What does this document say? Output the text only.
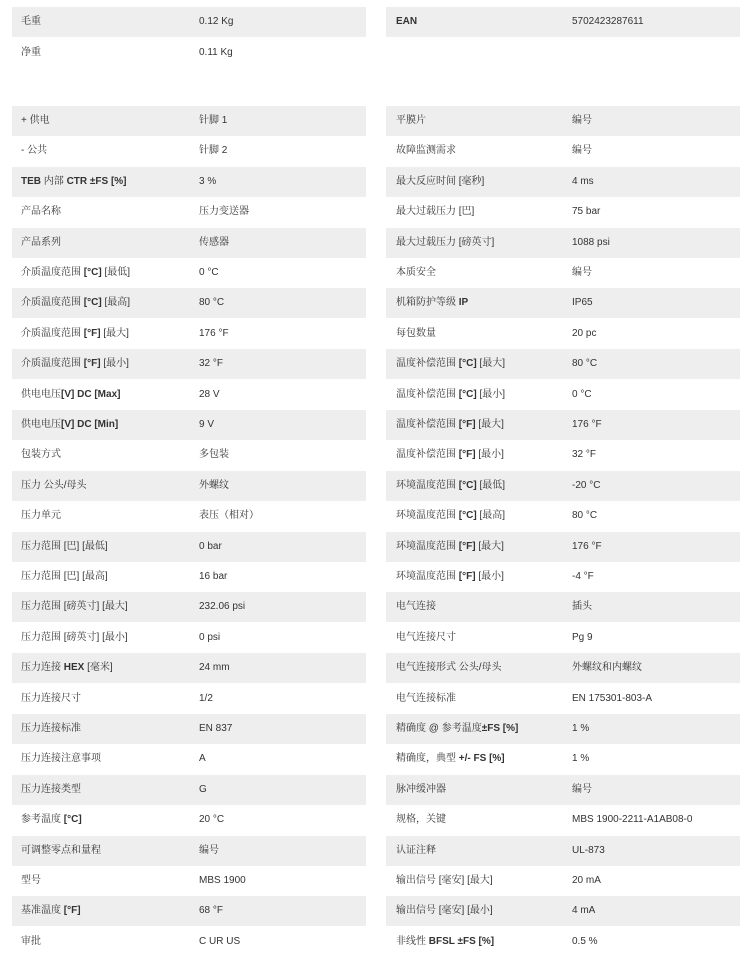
毛重	0.12 Kg
净重	0.11 Kg
+ 供电	针脚 1
- 公共	针脚 2
TEB 内部 CTR ±FS [%]	3 %
产品名称	压力变送器
产品系列	传感器
介质温度范围 [°C] [最低]	0 °C
介质温度范围 [°C] [最高]	80 °C
介质温度范围 [°F] [最大]	176 °F
介质温度范围 [°F] [最小]	32 °F
供电电压[V] DC [Max]	28 V
供电电压[V] DC [Min]	9 V
包装方式	多包装
压力 公头/母头	外螺纹
压力单元	表压（相对）
压力范围 [巴] [最低]	0 bar
压力范围 [巴] [最高]	16 bar
压力范围 [磅英寸] [最大]	232.06 psi
压力范围 [磅英寸] [最小]	0 psi
压力连接 HEX [毫米]	24 mm
压力连接尺寸	1/2
压力连接标准	EN 837
压力连接注意事项	A
压力连接类型	G
参考温度 [°C]	20 °C
可调整零点和量程	编号
型号	MBS 1900
基准温度 [°F]	68 °F
审批	C UR US
EAN	5702423287611
平膜片	编号
故障监测需求	编号
最大反应时间 [毫秒]	4 ms
最大过载压力 [巴]	75 bar
最大过载压力 [磅英寸]	1088 psi
本质安全	编号
机箱防护等级 IP	IP65
每包数量	20 pc
温度补偿范围 [°C] [最大]	80 °C
温度补偿范围 [°C] [最小]	0 °C
温度补偿范围 [°F] [最大]	176 °F
温度补偿范围 [°F] [最小]	32 °F
环境温度范围 [°C] [最低]	-20 °C
环境温度范围 [°C] [最高]	80 °C
环境温度范围 [°F] [最大]	176 °F
环境温度范围 [°F] [最小]	-4 °F
电气连接	插头
电气连接尺寸	Pg 9
电气连接形式 公头/母头	外螺纹和内螺纹
电气连接标准	EN 175301-803-A
精确度 @ 参考温度±FS [%]	1 %
精确度，典型 +/- FS [%]	1 %
脉冲缓冲器	编号
规格，关键	MBS 1900-2211-A1AB08-0
认证注释	UL-873
输出信号 [毫安] [最大]	20 mA
输出信号 [毫安] [最小]	4 mA
非线性 BFSL ±FS [%]	0.5 %
